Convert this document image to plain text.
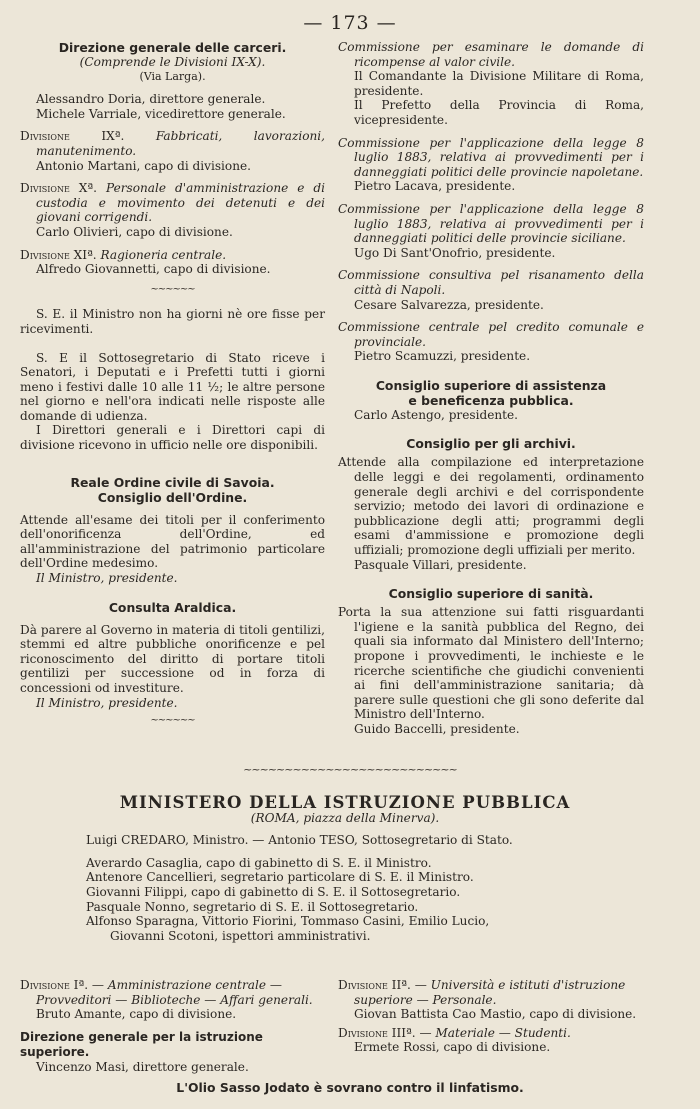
— 173 —
Direzione generale delle carceri.
(Comprende le Divisioni IX-X).
(Via Larga).
Alessandro Doria, direttore generale.
Michele Varriale, vicedirettore generale.
Divisione IXª.	Fabbricati, lavorazioni, manutenimento.
Antonio Martani, capo di divisione.
Divisione Xª. Personale d'amministrazione e di custodia e movimento dei detenuti e dei giovani corrigendi.
Carlo Olivieri, capo di divisione.
Divisione XIª. Ragioneria centrale.
Alfredo Giovannetti, capo di divisione.
~~~~~~
S. E. il Ministro non ha giorni nè ore fisse per ricevimenti.
S. E il Sottosegretario di Stato riceve i Senatori, i Deputati e i Prefetti tutti i giorni meno i festivi dalle 10 alle 11 ½; le altre persone nel giorno e nell'ora indicati nelle risposte alle domande di udienza.
I Direttori generali e i Direttori capi di divisione ricevono in ufficio nelle ore disponibili.
Reale Ordine civile di Savoia.
Consiglio dell'Ordine.
Attende all'esame dei titoli per il conferimento dell'onorificenza dell'Ordine, ed all'amministrazione del patrimonio particolare dell'Ordine medesimo.
Il Ministro, presidente.
Consulta Araldica.
Dà parere al Governo in materia di titoli gentilizi, stemmi ed altre pubbliche onorificenze e pel riconoscimento del diritto di portare titoli gentilizi per successione od in forza di concessioni od investiture.
Il Ministro, presidente.
~~~~~~
Commissione per esaminare le domande di ricompense al valor civile.
Il Comandante la Divisione Militare di Roma, presidente.
Il Prefetto della Provincia di Roma, vicepresidente.
Commissione per l'applicazione della legge 8 luglio 1883, relativa ai provvedimenti per i danneggiati politici delle provincie napoletane.
Pietro Lacava, presidente.
Commissione per l'applicazione della legge 8 luglio 1883, relativa ai provvedimenti per i danneggiati politici delle provincie siciliane.
Ugo Di Sant'Onofrio, presidente.
Commissione consultiva pel risanamento della città di Napoli.
Cesare Salvarezza, presidente.
Commissione centrale pel credito comunale e provinciale.
Pietro Scamuzzi, presidente.
Consiglio superiore di assistenza
e beneficenza pubblica.
Carlo Astengo, presidente.
Consiglio per gli archivi.
Attende alla compilazione ed interpretazione delle leggi e dei regolamenti, ordinamento generale degli archivi e del corrispondente servizio; metodo dei lavori di ordinazione e pubblicazione degli atti; programmi degli esami d'ammissione e promozione degli uffiziali; promozione degli uffiziali per merito.
Pasquale Villari, presidente.
Consiglio superiore di sanità.
Porta la sua attenzione sui fatti risguardanti l'igiene e la sanità pubblica del Regno, dei quali sia informato dal Ministero dell'Interno; propone i provvedimenti, le inchieste e le ricerche scientifiche che giudichi convenienti ai fini dell'amministrazione sanitaria; dà parere sulle questioni che gli sono deferite dal Ministro dell'Interno.
Guido Baccelli, presidente.
~~~~~~~~~~~~~~~~~~~~~~~~~~
MINISTERO DELLA ISTRUZIONE PUBBLICA
(ROMA, piazza della Minerva).
Luigi CREDARO, Ministro. — Antonio TESO, Sottosegretario di Stato.
Averardo Casaglia, capo di gabinetto di S. E. il Ministro.
Antenore Cancellieri, segretario particolare di S. E. il Ministro.
Giovanni Filippi, capo di gabinetto di S. E. il Sottosegretario.
Pasquale Nonno, segretario di S. E. il Sottosegretario.
Alfonso Sparagna, Vittorio Fiorini, Tommaso Casini, Emilio Lucio,
Giovanni Scotoni, ispettori amministrativi.
Divisione Iª. — Amministrazione centrale — Provveditori — Biblioteche — Affari generali.
Bruto Amante, capo di divisione.
Direzione generale per la istruzione superiore.
Vincenzo Masi, direttore generale.
Divisione IIª. — Università e istituti d'istruzione superiore — Personale.
Giovan Battista Cao Mastio, capo di divisione.
Divisione IIIª. — Materiale — Studenti.
Ermete Rossi, capo di divisione.
L'Olio Sasso Jodato è sovrano contro il linfatismo.
